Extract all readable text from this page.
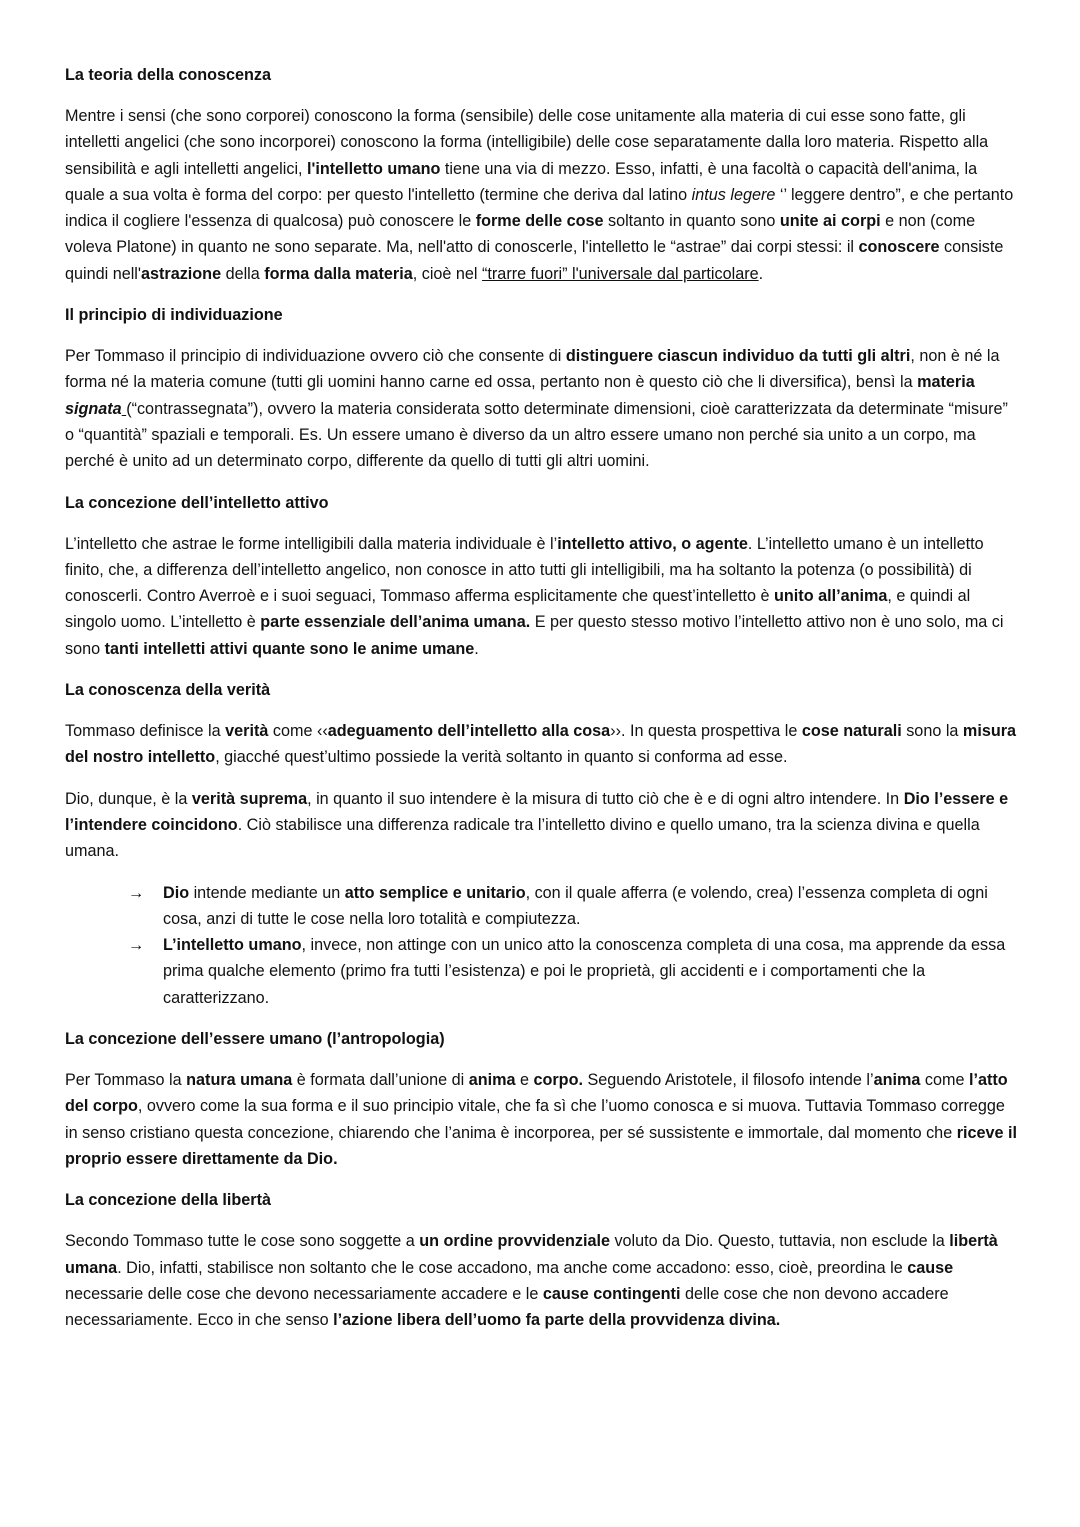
La teoria della conoscenza

Mentre i sensi (che sono corporei) conoscono la forma (sensibile) delle cose unitamente alla materia di cui esse sono fatte, gli intelletti angelici (che sono incorporei) conoscono la forma (intelligibile) delle cose separatamente dalla loro materia. Rispetto alla sensibilità e agli intelletti angelici, l'intelletto umano tiene una via di mezzo. Esso, infatti, è una facoltà o capacità dell'anima, la quale a sua volta è forma del corpo: per questo l'intelletto (termine che deriva dal latino intus legere ‘’ leggere dentro”, e che pertanto indica il cogliere l'essenza di qualcosa) può conoscere le forme delle cose soltanto in quanto sono unite ai corpi e non (come voleva Platone) in quanto ne sono separate. Ma, nell'atto di conoscerle, l'intelletto le “astrae” dai corpi stessi: il conoscere consiste quindi nell'astrazione della forma dalla materia, cioè nel “trarre fuori” l'universale dal particolare.

Il principio di individuazione

Per Tommaso il principio di individuazione ovvero ciò che consente di distinguere ciascun individuo da tutti gli altri, non è né la forma né la materia comune (tutti gli uomini hanno carne ed ossa, pertanto non è questo ciò che li diversifica), bensì la materia signata (“contrassegnata”), ovvero la materia considerata sotto determinate dimensioni, cioè caratterizzata da determinate “misure” o “quantità” spaziali e temporali. Es. Un essere umano è diverso da un altro essere umano non perché sia unito a un corpo, ma perché è unito ad un determinato corpo, differente da quello di tutti gli altri uomini.

La concezione dell’intelletto attivo

L’intelletto che astrae le forme intelligibili dalla materia individuale è l’intelletto attivo, o agente. L’intelletto umano è un intelletto finito, che, a differenza dell’intelletto angelico, non conosce in atto tutti gli intelligibili, ma ha soltanto la potenza (o possibilità) di conoscerli. Contro Averroè e i suoi seguaci, Tommaso afferma esplicitamente che quest’intelletto è unito all’anima, e quindi al singolo uomo. L’intelletto è parte essenziale dell’anima umana. E per questo stesso motivo l’intelletto attivo non è uno solo, ma ci sono tanti intelletti attivi quante sono le anime umane.

La conoscenza della verità

Tommaso definisce la verità come ‹‹adeguamento dell’intelletto alla cosa››. In questa prospettiva le cose naturali sono la misura del nostro intelletto, giacché quest’ultimo possiede la verità soltanto in quanto si conforma ad esse.

Dio, dunque, è la verità suprema, in quanto il suo intendere è la misura di tutto ciò che è e di ogni altro intendere. In Dio l’essere e l’intendere coincidono. Ciò stabilisce una differenza radicale tra l’intelletto divino e quello umano, tra la scienza divina e quella umana.

→ Dio intende mediante un atto semplice e unitario, con il quale afferra (e volendo, crea) l’essenza completa di ogni cosa, anzi di tutte le cose nella loro totalità e compiutezza.
→ L’intelletto umano, invece, non attinge con un unico atto la conoscenza completa di una cosa, ma apprende da essa prima qualche elemento (primo fra tutti l’esistenza) e poi le proprietà, gli accidenti e i comportamenti che la caratterizzano.
La concezione dell’essere umano (l’antropologia)

Per Tommaso la natura umana è formata dall’unione di anima e corpo. Seguendo Aristotele, il filosofo intende l’anima come l’atto del corpo, ovvero come la sua forma e il suo principio vitale, che fa sì che l’uomo conosca e si muova. Tuttavia Tommaso corregge in senso cristiano questa concezione, chiarendo che l’anima è incorporea, per sé sussistente e immortale, dal momento che riceve il proprio essere direttamente da Dio.

La concezione della libertà

Secondo Tommaso tutte le cose sono soggette a un ordine provvidenziale voluto da Dio. Questo, tuttavia, non esclude la libertà umana. Dio, infatti, stabilisce non soltanto che le cose accadono, ma anche come accadono: esso, cioè, preordina le cause necessarie delle cose che devono necessariamente accadere e le cause contingenti delle cose che non devono accadere necessariamente. Ecco in che senso l’azione libera dell’uomo fa parte della provvidenza divina.
